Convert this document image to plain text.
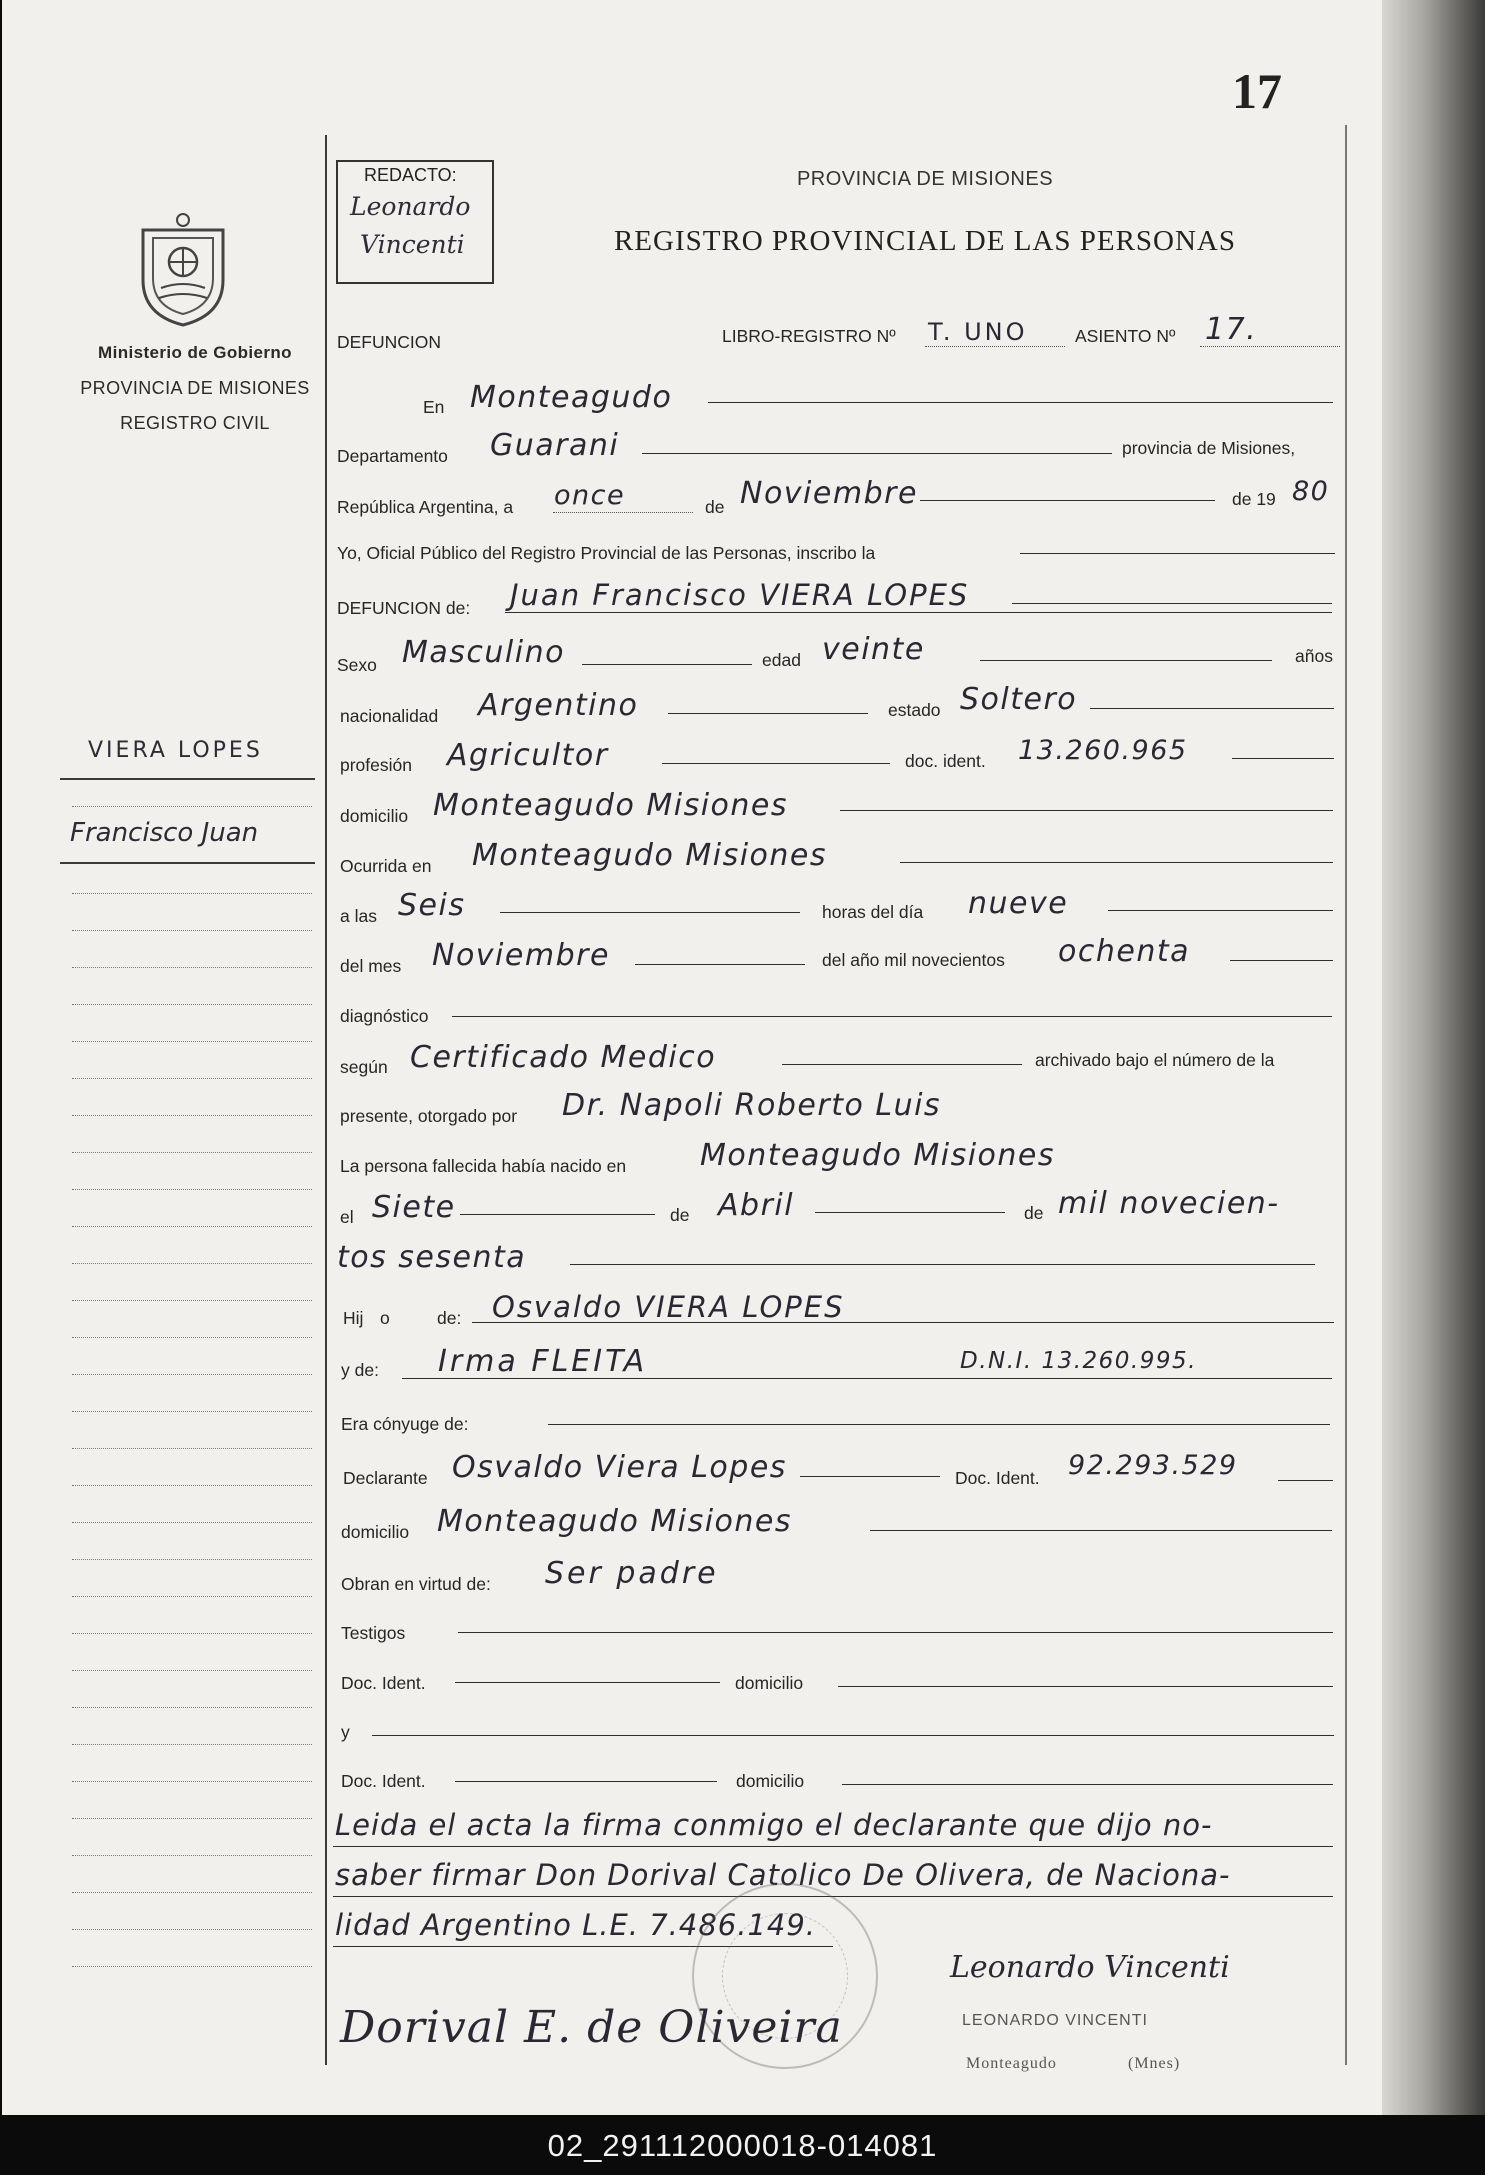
02_291112000018-014081
17
Ministerio de Gobierno
PROVINCIA DE MISIONES
REGISTRO CIVIL
VIERA LOPES
Francisco Juan
REDACTO:
Leonardo
Vincenti
PROVINCIA DE MISIONES
REGISTRO PROVINCIAL DE LAS PERSONAS
DEFUNCION	LIBRO-REGISTRO Nº T. UNO	ASIENTO Nº 17.
En Monteagudo
Departamento Guarani	provincia de Misiones,
República Argentina, a once	de Noviembre	de 19 80
Yo, Oficial Público del Registro Provincial de las Personas, inscribo la
DEFUNCION de: Juan Francisco VIERA LOPES
Sexo Masculino	edad veinte	años
nacionalidad Argentino	estado Soltero
profesión Agricultor	doc. ident. 13.260.965
domicilio Monteagudo Misiones
Ocurrida en Monteagudo Misiones
a las Seis	horas del día nueve
del mes Noviembre	del año mil novecientos ochenta
diagnóstico
según Certificado Medico	archivado bajo el número de la
presente, otorgado por Dr. Napoli Roberto Luis
La persona fallecida había nacido en Monteagudo Misiones
el Siete	de Abril	de mil novecien-
tos sesenta
Hij o	de: Osvaldo VIERA LOPES
y de: Irma FLEITA	D.N.I. 13.260.995.
Era cónyuge de:
Declarante Osvaldo Viera Lopes	Doc. Ident. 92.293.529
domicilio Monteagudo Misiones
Obran en virtud de: Ser padre
Testigos
Doc. Ident.	domicilio
y
Doc. Ident.	domicilio
Leida el acta la firma conmigo el declarante que dijo no-
saber firmar Don Dorival Catolico De Olivera, de Naciona-
lidad Argentino L.E. 7.486.149.
Leonardo Vincenti
LEONARDO VINCENTI
Monteagudo	(Mnes)
Dorival E. de Oliveira
